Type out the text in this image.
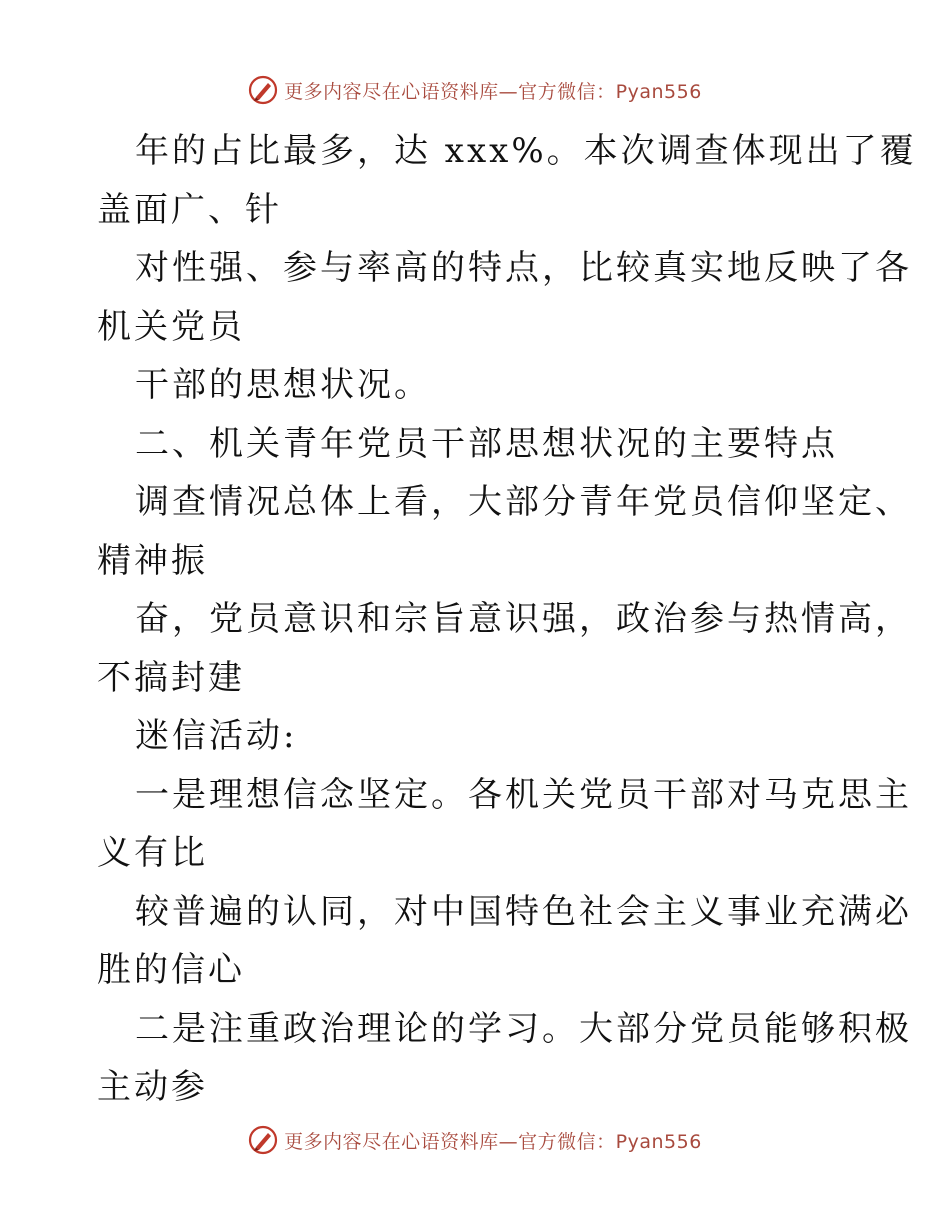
更多内容尽在心语资料库—官方微信：Pyan556
年的占比最多，达 xxx%。本次调查体现出了覆
盖面广、针
对性强、参与率高的特点，比较真实地反映了各
机关党员
干部的思想状况。
二、机关青年党员干部思想状况的主要特点
调查情况总体上看，大部分青年党员信仰坚定、
精神振
奋，党员意识和宗旨意识强，政治参与热情高，
不搞封建
迷信活动:
一是理想信念坚定。各机关党员干部对马克思主
义有比
较普遍的认同，对中国特色社会主义事业充满必
胜的信心
二是注重政治理论的学习。大部分党员能够积极
主动参
更多内容尽在心语资料库—官方微信：Pyan556
